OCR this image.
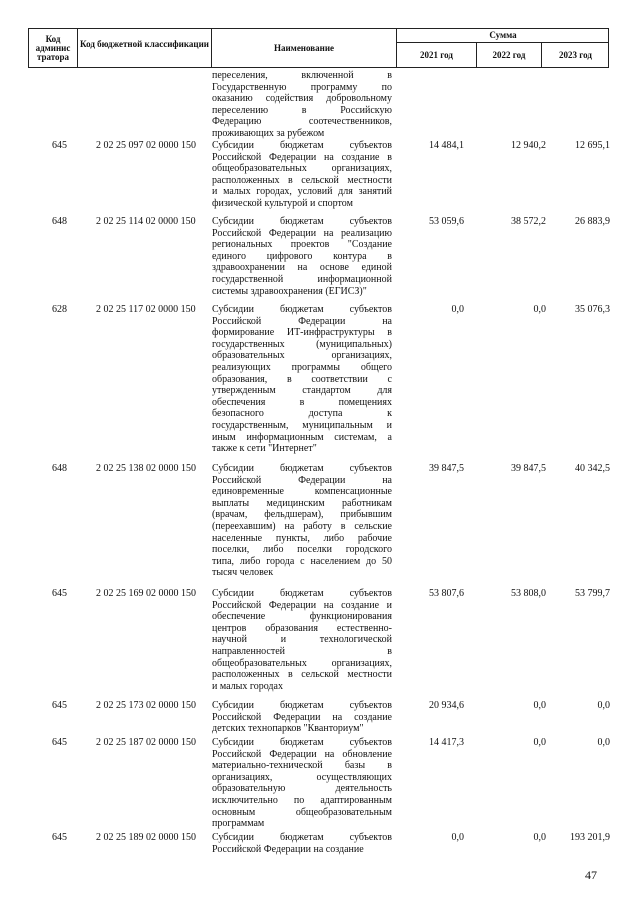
Код админис тратора
Код бюджетной классификации	Наименование
Сумма
2021 год	2022 год	2023 год
переселения, включенной в
Государственную программу по
оказанию содействия добровольному
переселению в Российскую
Федерацию соотечественников,
проживающих за рубежом
645	2 02 25 097 02 0000 150 Субсидии бюджетам субъектов
Российской Федерации на создание в
общеобразовательных организациях,
расположенных в сельской местности
и малых городах, условий для занятий
физической культурой и спортом
14 484,1	12 940,2	12 695,1
648	2 02 25 114 02 0000 150 Субсидии бюджетам субъектов
Российской Федерации на реализацию
региональных проектов "Создание
единого цифрового контура в
здравоохранении на основе единой
государственной информационной
системы здравоохранения (ЕГИСЗ)"
53 059,6	38 572,2	26 883,9
628	2 02 25 117 02 0000 150 Субсидии бюджетам субъектов
Российской Федерации на
формирование ИТ-инфраструктуры в
государственных (муниципальных)
образовательных организациях,
реализующих программы общего
образования, в соответствии с
утвержденным стандартом для
обеспечения в помещениях
безопасного доступа к
государственным, муниципальным и
иным информационным системам, а
также к сети "Интернет"
0,0	0,0	35 076,3
648	2 02 25 138 02 0000 150 Субсидии бюджетам субъектов
Российской Федерации на
единовременные компенсационные
выплаты медицинским работникам
(врачам, фельдшерам), прибывшим
(переехавшим) на работу в сельские
населенные пункты, либо рабочие
поселки, либо поселки городского
типа, либо города с населением до 50
тысяч человек
39 847,5	39 847,5	40 342,5
645	2 02 25 169 02 0000 150 Субсидии бюджетам субъектов
Российской Федерации на создание и
обеспечение функционирования
центров образования естественно-
научной и технологической
направленностей в
общеобразовательных организациях,
расположенных в сельской местности
и малых городах
53 807,6	53 808,0	53 799,7
645	2 02 25 173 02 0000 150 Субсидии бюджетам субъектов
Российской Федерации на создание
детских технопарков "Кванториум"
20 934,6	0,0	0,0
645	2 02 25 187 02 0000 150 Субсидии бюджетам субъектов
Российской Федерации на обновление
материально-технической базы в
организациях, осуществляющих
образовательную деятельность
исключительно по адаптированным
основным общеобразовательным
программам
14 417,3	0,0	0,0
645	2 02 25 189 02 0000 150 Субсидии бюджетам субъектов
Российской Федерации на создание
0,0	0,0	193 201,9
47
